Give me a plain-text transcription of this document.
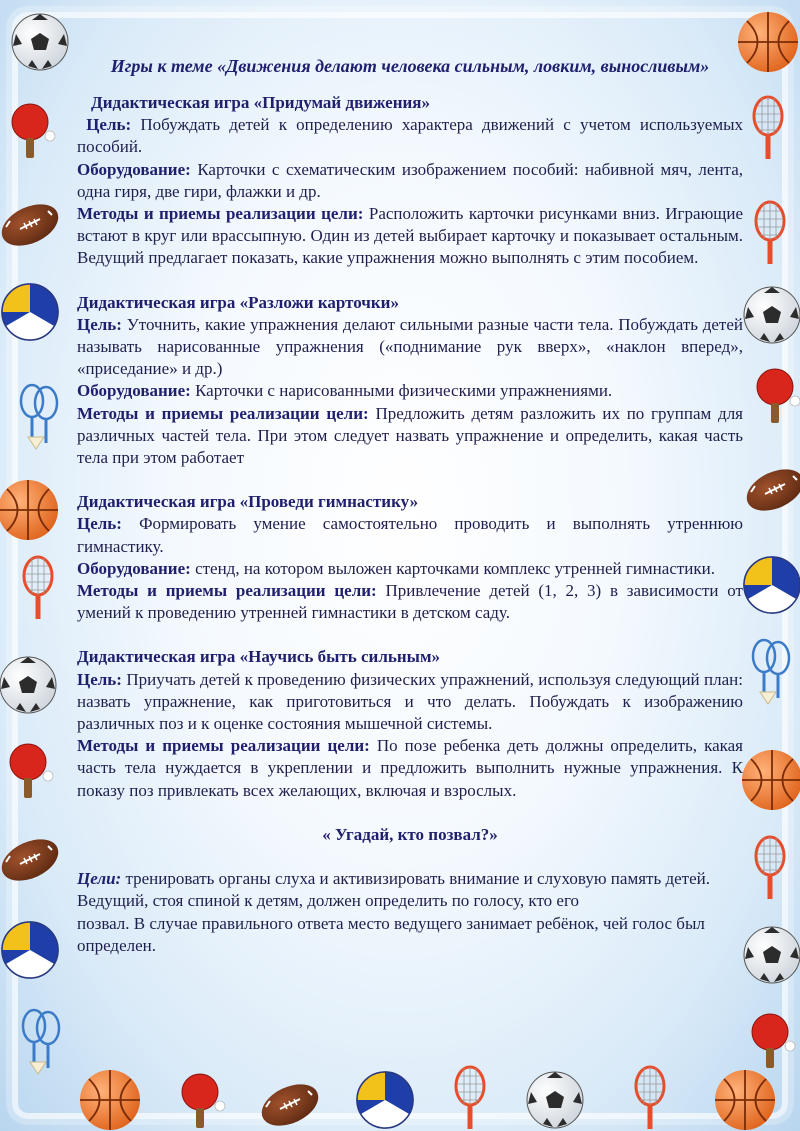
Игры к теме «Движения делают человека сильным, ловким, выносливым»
Дидактическая игра «Придумай движения»

Цель: Побуждать детей к определению характера движений с учетом используемых пособий.

Оборудование: Карточки с схематическим изображением пособий: набивной мяч, лента, одна гиря, две гири, флажки и др.

Методы и приемы реализации цели: Расположить карточки рисунками вниз. Играющие встают в круг или врассыпную. Один из детей выбирает карточку и показывает остальным. Ведущий предлагает показать, какие упражнения можно выполнять с этим пособием.

Дидактическая игра «Разложи карточки»

Цель: Уточнить, какие упражнения делают сильными разные части тела. Побуждать детей называть нарисованные упражнения («поднимание рук вверх», «наклон вперед», «приседание» и др.)

Оборудование: Карточки с нарисованными физическими упражнениями.

Методы и приемы реализации цели: Предложить детям разложить их по группам для различных частей тела. При этом следует назвать упражнение и определить, какая часть тела при этом работает

Дидактическая игра «Проведи гимнастику»

Цель: Формировать умение самостоятельно проводить и выполнять утреннюю гимнастику.

Оборудование: стенд, на котором выложен карточками комплекс утренней гимнастики.

Методы и приемы реализации цели: Привлечение детей (1, 2, 3) в зависимости от умений к проведению утренней гимнастики в детском саду.

Дидактическая игра «Научись быть сильным»

Цель: Приучать детей к проведению физических упражнений, используя следующий план: назвать упражнение, как приготовиться и что делать. Побуждать к изображению различных поз и к оценке состояния мышечной системы.

Методы и приемы реализации цели: По позе ребенка деть должны определить, какая часть тела нуждается в укреплении и предложить выполнить нужные упражнения. К показу поз привлекать всех желающих, включая и взрослых.

« Угадай, кто позвал?»

Цели: тренировать органы слуха и активизировать внимание и слуховую память детей.

Ведущий, стоя спиной к детям, должен определить по голосу, кто его

позвал. В случае правильного ответа место ведущего занимает ребёнок, чей голос был определен.
